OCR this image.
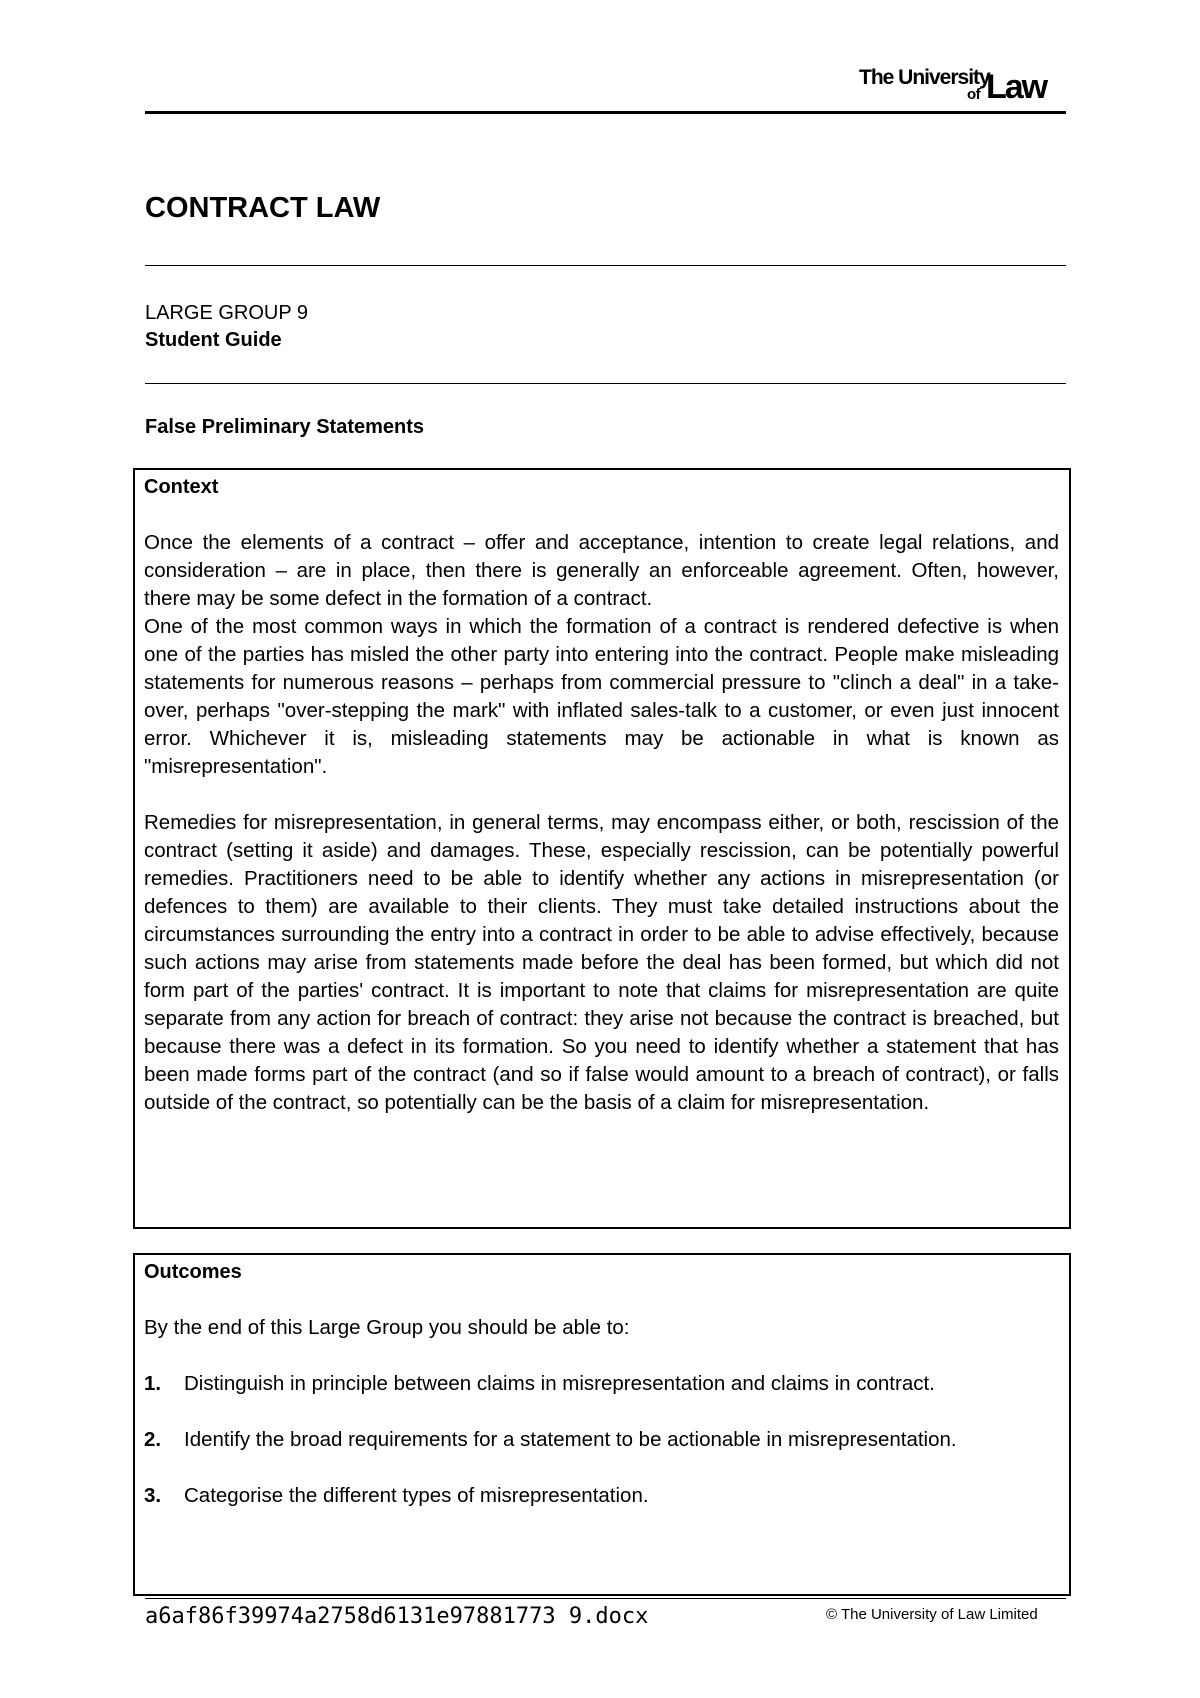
The University
of Law
CONTRACT LAW

LARGE GROUP 9

Student Guide

False Preliminary Statements

Context

Once the elements of a contract – offer and acceptance, intention to create legal relations, and consideration – are in place, then there is generally an enforceable agreement. Often, however, there may be some defect in the formation of a contract.

One of the most common ways in which the formation of a contract is rendered defective is when one of the parties has misled the other party into entering into the contract. People make misleading statements for numerous reasons – perhaps from commercial pressure to "clinch a deal" in a take-over, perhaps "over-stepping the mark" with inflated sales-talk to a customer, or even just innocent error. Whichever it is, misleading statements may be actionable in what is known as "misrepresentation".

Remedies for misrepresentation, in general terms, may encompass either, or both, rescission of the contract (setting it aside) and damages. These, especially rescission, can be potentially powerful remedies. Practitioners need to be able to identify whether any actions in misrepresentation (or defences to them) are available to their clients. They must take detailed instructions about the circumstances surrounding the entry into a contract in order to be able to advise effectively, because such actions may arise from statements made before the deal has been formed, but which did not form part of the parties' contract. It is important to note that claims for misrepresentation are quite separate from any action for breach of contract: they arise not because the contract is breached, but because there was a defect in its formation. So you need to identify whether a statement that has been made forms part of the contract (and so if false would amount to a breach of contract), or falls outside of the contract, so potentially can be the basis of a claim for misrepresentation.

Outcomes

By the end of this Large Group you should be able to:

1.	Distinguish in principle between claims in misrepresentation and claims in contract.
2.	Identify the broad requirements for a statement to be actionable in misrepresentation.
3.	Categorise the different types of misrepresentation.

a6af86f39974a2758d6131e97881773 9.docx	© The University of Law Limited
